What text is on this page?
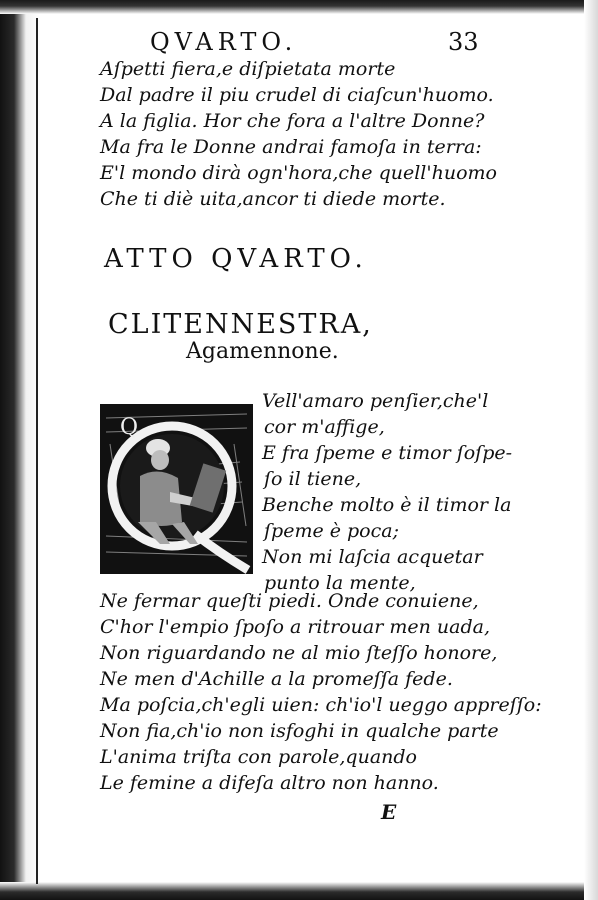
QVARTO.	33
Aſpetti fiera,e diſpietata morte
Dal padre il piu crudel di ciaſcun'huomo.
A la figlia. Hor che fora a l'altre Donne?
Ma fra le Donne andrai famoſa in terra:
E'l mondo dirà ogn'hora,che quell'huomo
Che ti diè uita,ancor ti diede morte.
ATTO QVARTO.
CLITENNESTRA,
Agamennone.
Q
Vell'amaro penſier,che'l
cor m'affige,
E fra ſpeme e timor ſoſpe-
ſo il tiene,
Benche molto è il timor la
ſpeme è poca;
Non mi laſcia acquetar
punto la mente,
Ne fermar queſti piedi. Onde conuiene,
C'hor l'empio ſpoſo a ritrouar men uada,
Non riguardando ne al mio ſteſſo honore,
Ne men d'Achille a la promeſſa fede.
Ma poſcia,ch'egli uien: ch'io'l ueggo appreſſo:
Non fia,ch'io non isfoghi in qualche parte
L'anima triſta con parole,quando
Le femine a difeſa altro non hanno.
E
